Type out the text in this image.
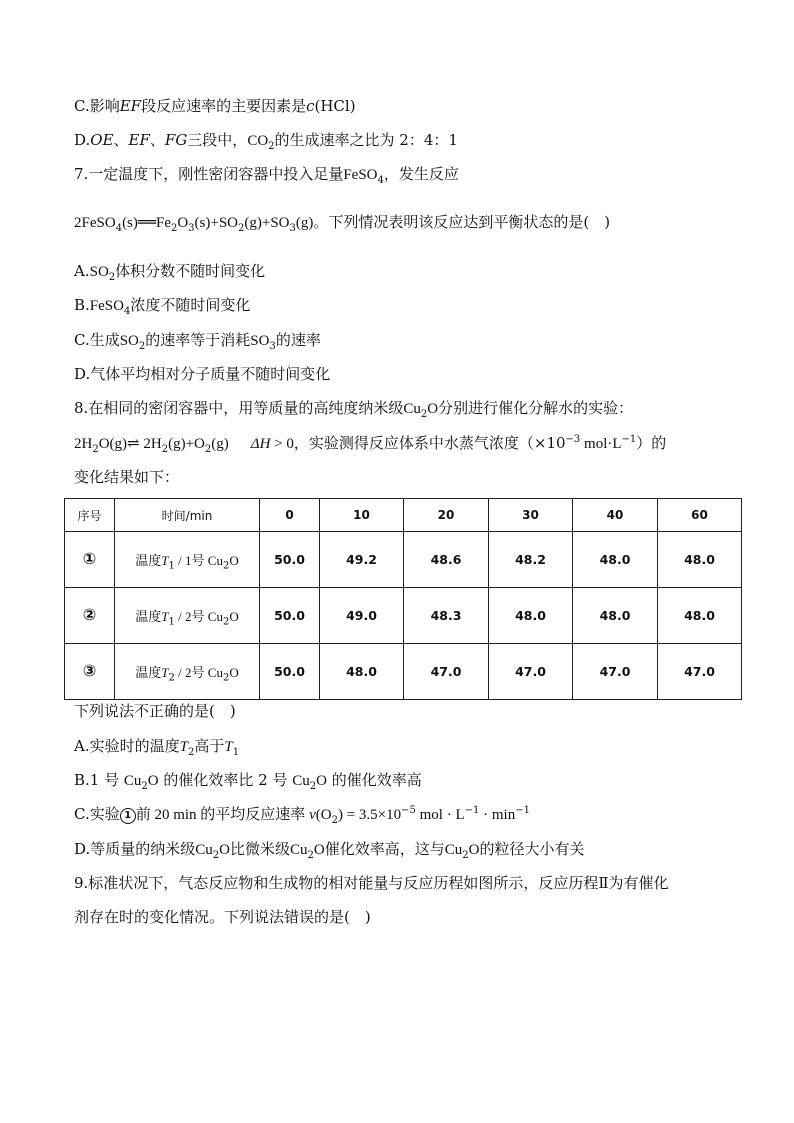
C.影响EF段反应速率的主要因素是c(HCl)
D.OE、EF、FG三段中，$CO_2$的生成速率之比为 2：4：1
7.一定温度下，刚性密闭容器中投入足量FeSO$_4$，发生反应
$2FeSO_4(s)══Fe_2O_3(s)+SO_2(g)+SO_3(g)$。下列情况表明该反应达到平衡状态的是(　)
$A.SO_2$体积分数不随时间变化
B.FeSO$_4$浓度不随时间变化
C.生成$SO_2$的速率等于消耗$SO_3$的速率
D.气体平均相对分子质量不随时间变化
8.在相同的密闭容器中，用等质量的高纯度纳米级$Cu_2O$分别进行催化分解水的实验：
$2H_2O(g)\rightleftharpoons$ $2H_2(g)+O_2(g) \Delta H > 0$，实验测得反应体系中水蒸气浓度（$\times 10^{-3}$ $mol\cdot L^{-1}$）的
变化结果如下：
序号	时间/min	0	10	20	30	40	60
①	温度$T_1 / 1$号 $Cu_2O$	50.0	49.2	48.6	48.2	48.0	48.0
②	温度$T_1 / 2$号 $Cu_2O$	50.0	49.0	48.3	48.0	48.0	48.0
③	温度$T_2 / 2$号 $Cu_2O$	50.0	48.0	47.0	47.0	47.0	47.0
下列说法不正确的是(　)
A.实验时的温度$T_2$高于$T_1$
B.1 号 $Cu_2O$ 的催化效率比 2 号 $Cu_2O$ 的催化效率高
C.实验 1 前 20 min 的平均反应速率 $v(O_2) = 3.5\times 10^{-5}$ mol · $L^{-1} \cdot \min^{-1}$
D.等质量的纳米级$Cu_2O$比微米级$Cu_2O$催化效率高，这与$Cu_2O$的粒径大小有关
9.标准状况下，气态反应物和生成物的相对能量与反应历程如图所示，反应历程Ⅱ为有催化
剂存在时的变化情况。下列说法错误的是(　)
